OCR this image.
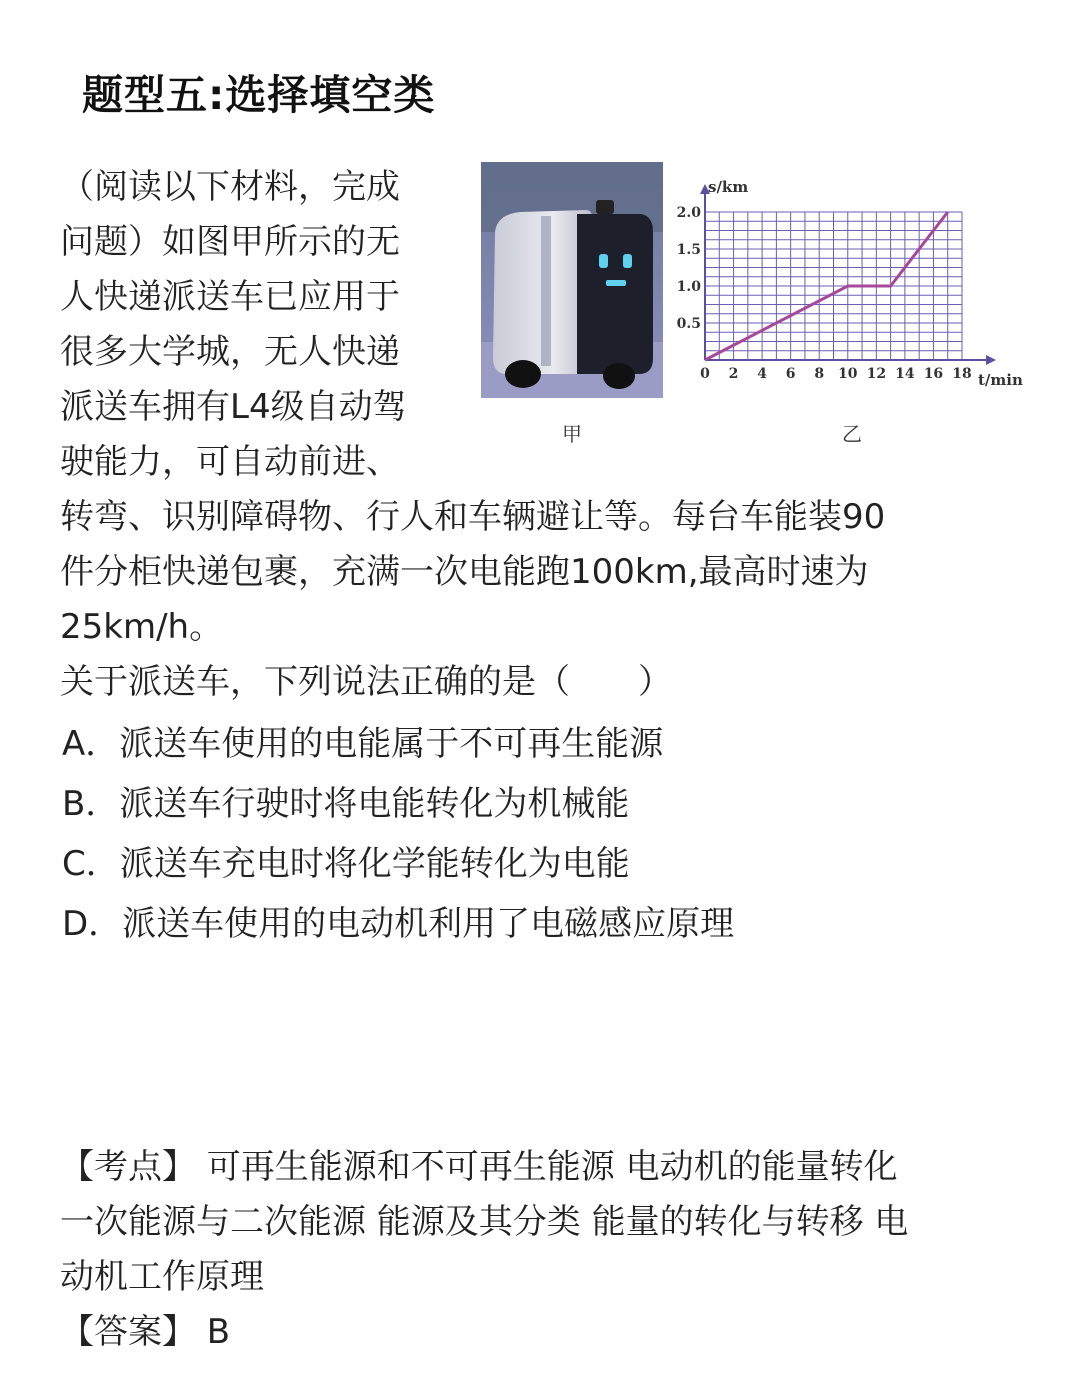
题型五:选择填空类
（阅读以下材料，完成
问题）如图甲所示的无
人快递派送车已应用于
很多大学城，无人快递
派送车拥有L4级自动驾
驶能力，可自动前进、
甲
0 2 4 6 8 10 12 14 16 18
0.5
1.0
1.5
2.0
s/km
t/min
乙
转弯、识别障碍物、行人和车辆避让等。每台车能装90
件分柜快递包裹，充满一次电能跑100km,最高时速为
25km/h。
关于派送车，下列说法正确的是（　　）
A．派送车使用的电能属于不可再生能源
B．派送车行驶时将电能转化为机械能
C．派送车充电时将化学能转化为电能
D．派送车使用的电动机利用了电磁感应原理
【考点】 可再生能源和不可再生能源 电动机的能量转化
一次能源与二次能源 能源及其分类 能量的转化与转移 电
动机工作原理
【答案】 B
